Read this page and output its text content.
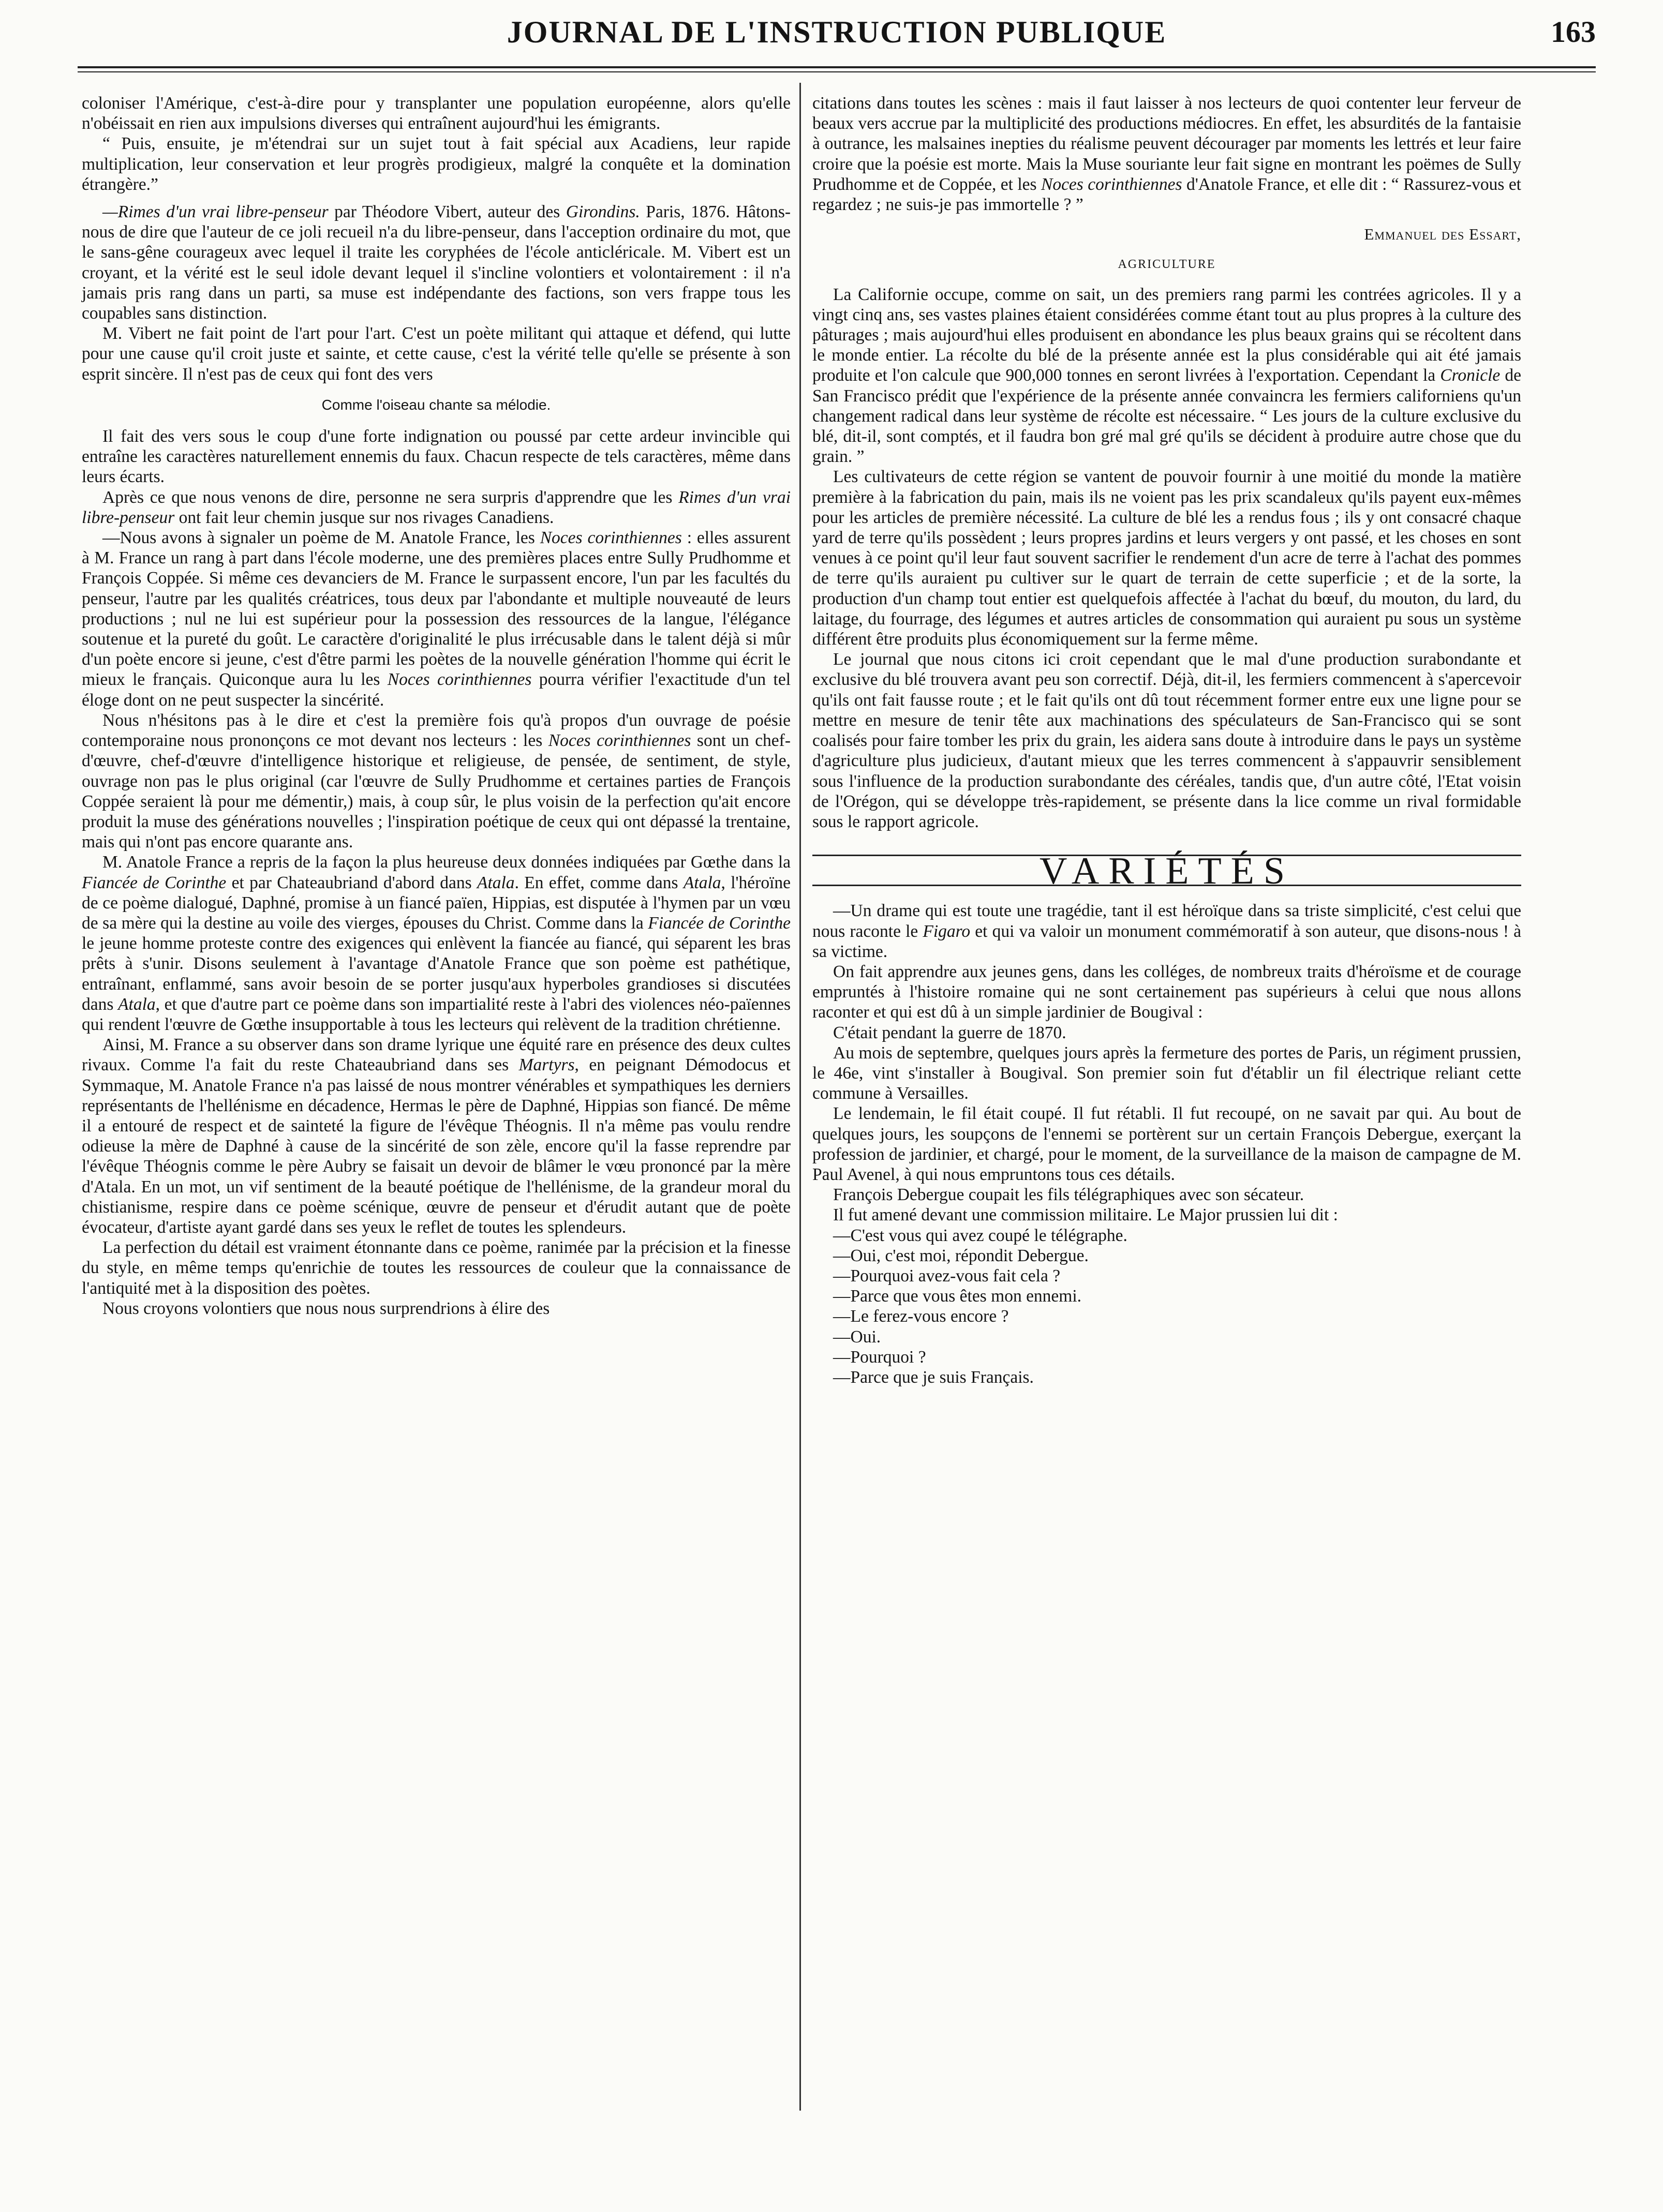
JOURNAL DE L'INSTRUCTION PUBLIQUE	163

coloniser l'Amérique, c'est-à-dire pour y transplanter une population européenne, alors qu'elle n'obéissait en rien aux impulsions diverses qui entraînent aujourd'hui les émigrants.

“ Puis, ensuite, je m'étendrai sur un sujet tout à fait spécial aux Acadiens, leur rapide multiplication, leur conservation et leur progrès prodigieux, malgré la conquête et la domination étrangère.”

—Rimes d'un vrai libre-penseur par Théodore Vibert, auteur des Girondins. Paris, 1876. Hâtons-nous de dire que l'auteur de ce joli recueil n'a du libre-penseur, dans l'acception ordinaire du mot, que le sans-gêne courageux avec lequel il traite les coryphées de l'école anticléricale. M. Vibert est un croyant, et la vérité est le seul idole devant lequel il s'incline volontiers et volontairement : il n'a jamais pris rang dans un parti, sa muse est indépendante des factions, son vers frappe tous les coupables sans distinction.

M. Vibert ne fait point de l'art pour l'art. C'est un poète militant qui attaque et défend, qui lutte pour une cause qu'il croit juste et sainte, et cette cause, c'est la vérité telle qu'elle se présente à son esprit sincère. Il n'est pas de ceux qui font des vers

Comme l'oiseau chante sa mélodie.

Il fait des vers sous le coup d'une forte indignation ou poussé par cette ardeur invincible qui entraîne les caractères naturellement ennemis du faux. Chacun respecte de tels caractères, même dans leurs écarts.

Après ce que nous venons de dire, personne ne sera surpris d'apprendre que les Rimes d'un vrai libre-penseur ont fait leur chemin jusque sur nos rivages Canadiens.

—Nous avons à signaler un poème de M. Anatole France, les Noces corinthiennes : elles assurent à M. France un rang à part dans l'école moderne, une des premières places entre Sully Prudhomme et François Coppée. Si même ces devanciers de M. France le surpassent encore, l'un par les facultés du penseur, l'autre par les qualités créatrices, tous deux par l'abondante et multiple nouveauté de leurs productions ; nul ne lui est supérieur pour la possession des ressources de la langue, l'élégance soutenue et la pureté du goût. Le caractère d'originalité le plus irrécusable dans le talent déjà si mûr d'un poète encore si jeune, c'est d'être parmi les poètes de la nouvelle génération l'homme qui écrit le mieux le français. Quiconque aura lu les Noces corinthiennes pourra vérifier l'exactitude d'un tel éloge dont on ne peut suspecter la sincérité.

Nous n'hésitons pas à le dire et c'est la première fois qu'à propos d'un ouvrage de poésie contemporaine nous prononçons ce mot devant nos lecteurs : les Noces corinthiennes sont un chef-d'œuvre, chef-d'œuvre d'intelligence historique et religieuse, de pensée, de sentiment, de style, ouvrage non pas le plus original (car l'œuvre de Sully Prudhomme et certaines parties de François Coppée seraient là pour me démentir,) mais, à coup sûr, le plus voisin de la perfection qu'ait encore produit la muse des générations nouvelles ; l'inspiration poétique de ceux qui ont dépassé la trentaine, mais qui n'ont pas encore quarante ans.

M. Anatole France a repris de la façon la plus heureuse deux données indiquées par Gœthe dans la Fiancée de Corinthe et par Chateaubriand d'abord dans Atala. En effet, comme dans Atala, l'héroïne de ce poème dialogué, Daphné, promise à un fiancé païen, Hippias, est disputée à l'hymen par un vœu de sa mère qui la destine au voile des vierges, épouses du Christ. Comme dans la Fiancée de Corinthe le jeune homme proteste contre des exigences qui enlèvent la fiancée au fiancé, qui séparent les bras prêts à s'unir. Disons seulement à l'avantage d'Anatole France que son poème est pathétique, entraînant, enflammé, sans avoir besoin de se porter jusqu'aux hyperboles grandioses si discutées dans Atala, et que d'autre part ce poème dans son impartialité reste à l'abri des violences néo-païennes qui rendent l'œuvre de Gœthe insupportable à tous les lecteurs qui relèvent de la tradition chrétienne.

Ainsi, M. France a su observer dans son drame lyrique une équité rare en présence des deux cultes rivaux. Comme l'a fait du reste Chateaubriand dans ses Martyrs, en peignant Démodocus et Symmaque, M. Anatole France n'a pas laissé de nous montrer vénérables et sympathiques les derniers représentants de l'hellénisme en décadence, Hermas le père de Daphné, Hippias son fiancé. De même il a entouré de respect et de sainteté la figure de l'évêque Théognis. Il n'a même pas voulu rendre odieuse la mère de Daphné à cause de la sincérité de son zèle, encore qu'il la fasse reprendre par l'évêque Théognis comme le père Aubry se faisait un devoir de blâmer le vœu prononcé par la mère d'Atala. En un mot, un vif sentiment de la beauté poétique de l'hellénisme, de la grandeur moral du chistianisme, respire dans ce poème scénique, œuvre de penseur et d'érudit autant que de poète évocateur, d'artiste ayant gardé dans ses yeux le reflet de toutes les splendeurs.

La perfection du détail est vraiment étonnante dans ce poème, ranimée par la précision et la finesse du style, en même temps qu'enrichie de toutes les ressources de couleur que la connaissance de l'antiquité met à la disposition des poètes.

Nous croyons volontiers que nous nous surprendrions à élire des

citations dans toutes les scènes : mais il faut laisser à nos lecteurs de quoi contenter leur ferveur de beaux vers accrue par la multiplicité des productions médiocres. En effet, les absurdités de la fantaisie à outrance, les malsaines inepties du réalisme peuvent décourager par moments les lettrés et leur faire croire que la poésie est morte. Mais la Muse souriante leur fait signe en montrant les poëmes de Sully Prudhomme et de Coppée, et les Noces corinthiennes d'Anatole France, et elle dit : “ Rassurez-vous et regardez ; ne suis-je pas immortelle ? ”

Emmanuel des Essart,
AGRICULTURE

La Californie occupe, comme on sait, un des premiers rang parmi les contrées agricoles. Il y a vingt cinq ans, ses vastes plaines étaient considérées comme étant tout au plus propres à la culture des pâturages ; mais aujourd'hui elles produisent en abondance les plus beaux grains qui se récoltent dans le monde entier. La récolte du blé de la présente année est la plus considérable qui ait été jamais produite et l'on calcule que 900,000 tonnes en seront livrées à l'exportation. Cependant la Cronicle de San Francisco prédit que l'expérience de la présente année convaincra les fermiers californiens qu'un changement radical dans leur système de récolte est nécessaire. “ Les jours de la culture exclusive du blé, dit-il, sont comptés, et il faudra bon gré mal gré qu'ils se décident à produire autre chose que du grain. ”

Les cultivateurs de cette région se vantent de pouvoir fournir à une moitié du monde la matière première à la fabrication du pain, mais ils ne voient pas les prix scandaleux qu'ils payent eux-mêmes pour les articles de première nécessité. La culture de blé les a rendus fous ; ils y ont consacré chaque yard de terre qu'ils possèdent ; leurs propres jardins et leurs vergers y ont passé, et les choses en sont venues à ce point qu'il leur faut souvent sacrifier le rendement d'un acre de terre à l'achat des pommes de terre qu'ils auraient pu cultiver sur le quart de terrain de cette superficie ; et de la sorte, la production d'un champ tout entier est quelquefois affectée à l'achat du bœuf, du mouton, du lard, du laitage, du fourrage, des légumes et autres articles de consommation qui auraient pu sous un système différent être produits plus économiquement sur la ferme même.

Le journal que nous citons ici croit cependant que le mal d'une production surabondante et exclusive du blé trouvera avant peu son correctif. Déjà, dit-il, les fermiers commencent à s'apercevoir qu'ils ont fait fausse route ; et le fait qu'ils ont dû tout récemment former entre eux une ligne pour se mettre en mesure de tenir tête aux machinations des spéculateurs de San-Francisco qui se sont coalisés pour faire tomber les prix du grain, les aidera sans doute à introduire dans le pays un système d'agriculture plus judicieux, d'autant mieux que les terres commencent à s'appauvrir sensiblement sous l'influence de la production surabondante des céréales, tandis que, d'un autre côté, l'Etat voisin de l'Orégon, qui se développe très-rapidement, se présente dans la lice comme un rival formidable sous le rapport agricole.

VARIÉTÉS

—Un drame qui est toute une tragédie, tant il est héroïque dans sa triste simplicité, c'est celui que nous raconte le Figaro et qui va valoir un monument commémoratif à son auteur, que disons-nous ! à sa victime.

On fait apprendre aux jeunes gens, dans les colléges, de nombreux traits d'héroïsme et de courage empruntés à l'histoire romaine qui ne sont certainement pas supérieurs à celui que nous allons raconter et qui est dû à un simple jardinier de Bougival :

C'était pendant la guerre de 1870.

Au mois de septembre, quelques jours après la fermeture des portes de Paris, un régiment prussien, le 46e, vint s'installer à Bougival. Son premier soin fut d'établir un fil électrique reliant cette commune à Versailles.

Le lendemain, le fil était coupé. Il fut rétabli. Il fut recoupé, on ne savait par qui. Au bout de quelques jours, les soupçons de l'ennemi se portèrent sur un certain François Debergue, exerçant la profession de jardinier, et chargé, pour le moment, de la surveillance de la maison de campagne de M. Paul Avenel, à qui nous empruntons tous ces détails.

François Debergue coupait les fils télégraphiques avec son sécateur.

Il fut amené devant une commission militaire. Le Major prussien lui dit :

—C'est vous qui avez coupé le télégraphe.

—Oui, c'est moi, répondit Debergue.

—Pourquoi avez-vous fait cela ?

—Parce que vous êtes mon ennemi.

—Le ferez-vous encore ?

—Oui.

—Pourquoi ?

—Parce que je suis Français.
